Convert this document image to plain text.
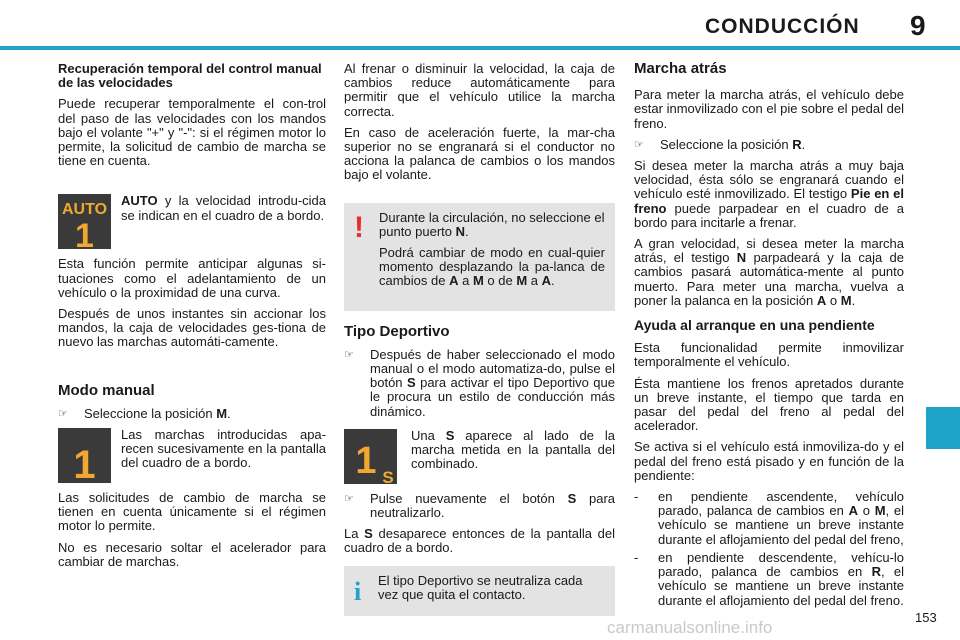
CONDUCCIÓN 9

Recuperación temporal del control manual de las velocidades

Puede recuperar temporalmente el con-trol del paso de las velocidades con los mandos bajo el volante "+" y "-": si el régimen motor lo permite, la solicitud de cambio de marcha se tiene en cuenta.

AUTO
1
AUTO y la velocidad introdu-cida se indican en el cuadro de a bordo.

Esta función permite anticipar algunas si-tuaciones como el adelantamiento de un vehículo o la proximidad de una curva.

Después de unos instantes sin accionar los mandos, la caja de velocidades ges-tiona de nuevo las marchas automáti-camente.

Modo manual
☞	Seleccione la posición M.
1
Las marchas introducidas apa-recen sucesivamente en la pantalla del cuadro de a bordo.

Las solicitudes de cambio de marcha se tienen en cuenta únicamente si el régimen motor lo permite.

No es necesario soltar el acelerador para cambiar de marchas.

Al frenar o disminuir la velocidad, la caja de cambios reduce automáticamente para permitir que el vehículo utilice la marcha correcta.

En caso de aceleración fuerte, la mar-cha superior no se engranará si el conductor no acciona la palanca de cambios o los mandos bajo el volante.

!	Durante la circulación, no seleccione el punto puerto N.

Podrá cambiar de modo en cual-quier momento desplazando la pa-lanca de cambios de A a M o de M a A.

Tipo Deportivo
☞	Después de haber seleccionado el modo manual o el modo automatiza-do, pulse el botón S para activar el tipo Deportivo que le procura un estilo de conducción más dinámico.
1 S
Una S aparece al lado de la marcha metida en la pantalla del combinado.
☞	Pulse nuevamente el botón S para neutralizarlo.

La S desaparece entonces de la pantalla del cuadro de a bordo.

i	El tipo Deportivo se neutraliza cada vez que quita el contacto.
Marcha atrás

Para meter la marcha atrás, el vehículo debe estar inmovilizado con el pie sobre el pedal del freno.

☞	Seleccione la posición R.

Si desea meter la marcha atrás a muy baja velocidad, ésta sólo se engranará cuando el vehículo esté inmovilizado. El testigo Pie en el freno puede parpadear en el cuadro de a bordo para incitarle a frenar.

A gran velocidad, si desea meter la marcha atrás, el testigo N parpadeará y la caja de cambios pasará automática-mente al punto muerto. Para meter una marcha, vuelva a poner la palanca en la posición A o M.

Ayuda al arranque en una pendiente

Esta funcionalidad permite inmovilizar temporalmente el vehículo.

Ésta mantiene los frenos apretados durante un breve instante, el tiempo que tarda en pasar del pedal del freno al pedal del acelerador.

Se activa si el vehículo está inmoviliza-do y el pedal del freno está pisado y en función de la pendiente:

-	en pendiente ascendente, vehículo parado, palanca de cambios en A o M, el vehículo se mantiene un breve instante durante el aflojamiento del pedal del freno,
-	en pendiente descendente, vehícu-lo parado, palanca de cambios en R, el vehículo se mantiene un breve instante durante el aflojamiento del pedal del freno.
153
carmanualsonline.info
